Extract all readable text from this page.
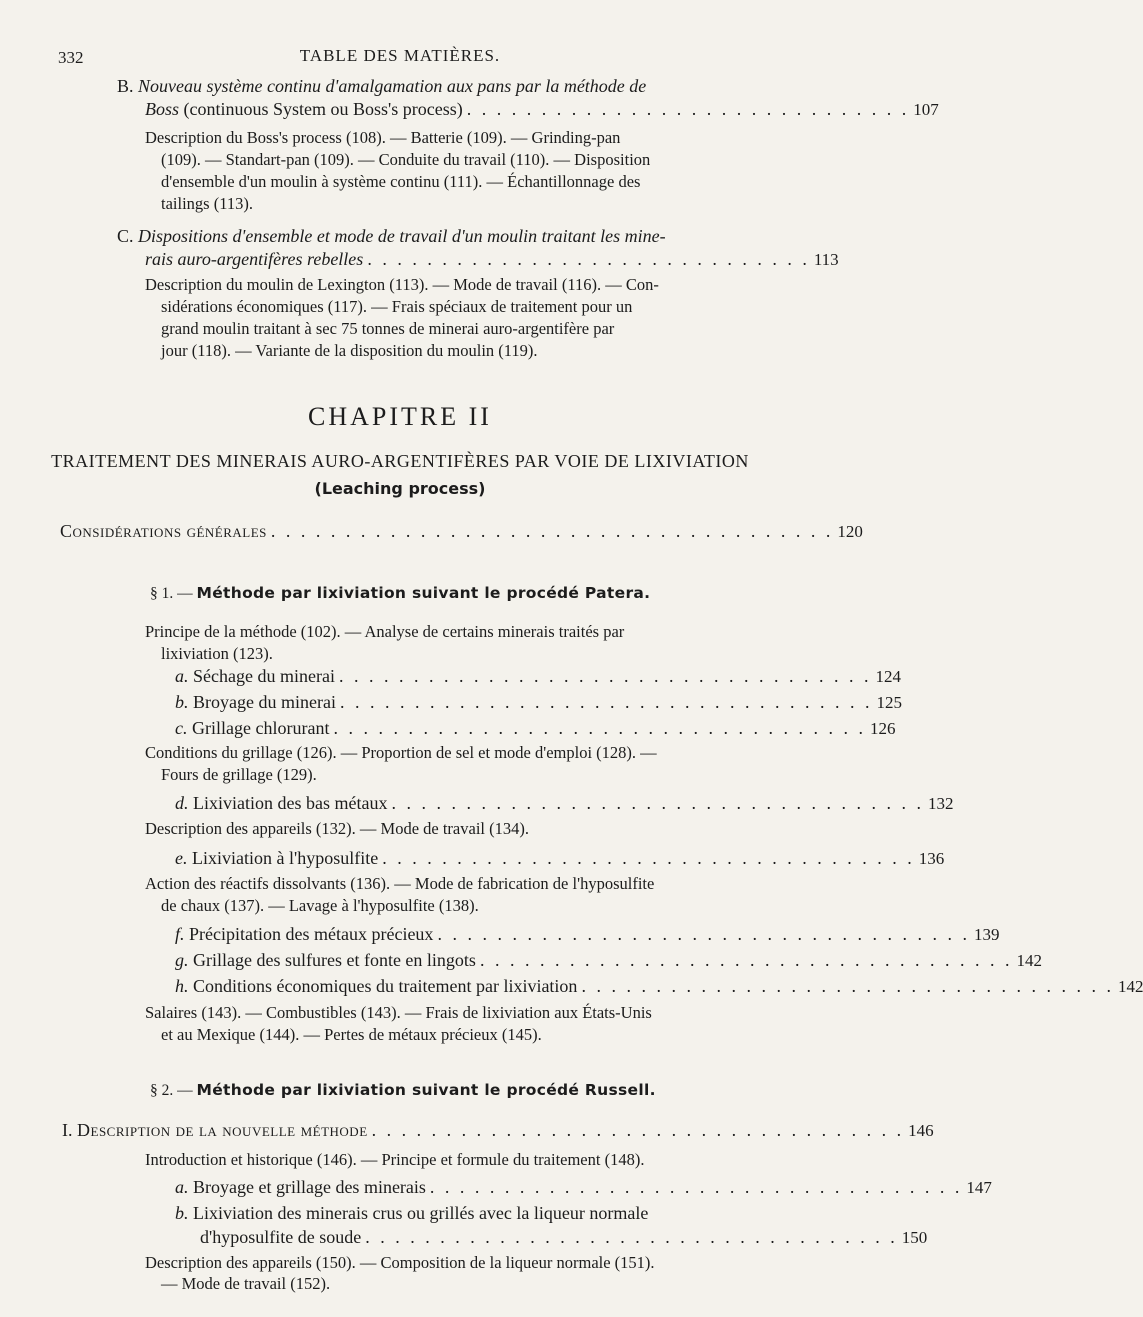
332	TABLE DES MATIÈRES.
B. Nouveau système continu d'amalgamation aux pans par la méthode de
Boss
(continuous System ou Boss's process) . . . . . . . . . . . . . . . . . . . . . . . . . . . . . . 107
Description du Boss's process (108). — Batterie (109). — Grinding-pan
(109). — Standart-pan (109). — Conduite du travail (110). — Disposition
d'ensemble d'un moulin à système continu (111). — Échantillonnage des
tailings (113).
C. Dispositions d'ensemble et mode de travail d'un moulin traitant les mine-
rais auro-argentifères rebelles . . . . . . . . . . . . . . . . . . . . . . . . . . . . . . 113
Description du moulin de Lexington (113). — Mode de travail (116). — Con-
sidérations économiques (117). — Frais spéciaux de traitement pour un
grand moulin traitant à sec 75 tonnes de minerai auro-argentifère par
jour (118). — Variante de la disposition du moulin (119).
CHAPITRE II
TRAITEMENT DES MINERAIS AURO-ARGENTIFÈRES PAR VOIE DE LIXIVIATION
(Leaching process)
Considérations générales . . . . . . . . . . . . . . . . . . . . . . . . . . . . . . . . . . . . . . 120
§ 1. — Méthode par lixiviation suivant le procédé Patera.
Principe de la méthode (102). — Analyse de certains minerais traités par
lixiviation (123).
a.
Séchage du minerai . . . . . . . . . . . . . . . . . . . . . . . . . . . . . . . . . . . . 124
b.
Broyage du minerai . . . . . . . . . . . . . . . . . . . . . . . . . . . . . . . . . . . . 125
c.
Grillage chlorurant . . . . . . . . . . . . . . . . . . . . . . . . . . . . . . . . . . . . 126
Conditions du grillage (126). — Proportion de sel et mode d'emploi (128). —
Fours de grillage (129).
d.
Lixiviation des bas métaux . . . . . . . . . . . . . . . . . . . . . . . . . . . . . . . . . . . . 132
Description des appareils (132). — Mode de travail (134).
e.
Lixiviation à l'hyposulfite . . . . . . . . . . . . . . . . . . . . . . . . . . . . . . . . . . . . 136
Action des réactifs dissolvants (136). — Mode de fabrication de l'hyposulfite
de chaux (137). — Lavage à l'hyposulfite (138).
f.
Précipitation des métaux précieux . . . . . . . . . . . . . . . . . . . . . . . . . . . . . . . . . . . . 139
g.
Grillage des sulfures et fonte en lingots . . . . . . . . . . . . . . . . . . . . . . . . . . . . . . . . . . . . 142
h.
Conditions économiques du traitement par lixiviation . . . . . . . . . . . . . . . . . . . . . . . . . . . . . . . . . . . . 142
Salaires (143). — Combustibles (143). — Frais de lixiviation aux États-Unis
et au Mexique (144). — Pertes de métaux précieux (145).
§ 2. — Méthode par lixiviation suivant le procédé Russell.
I.
Description de la nouvelle méthode . . . . . . . . . . . . . . . . . . . . . . . . . . . . . . . . . . . . 146
Introduction et historique (146). — Principe et formule du traitement (148).
a.
Broyage et grillage des minerais . . . . . . . . . . . . . . . . . . . . . . . . . . . . . . . . . . . . 147
b. Lixiviation des minerais crus ou grillés avec la liqueur normale
d'hyposulfite de soude . . . . . . . . . . . . . . . . . . . . . . . . . . . . . . . . . . . . 150
Description des appareils (150). — Composition de la liqueur normale (151).
— Mode de travail (152).
